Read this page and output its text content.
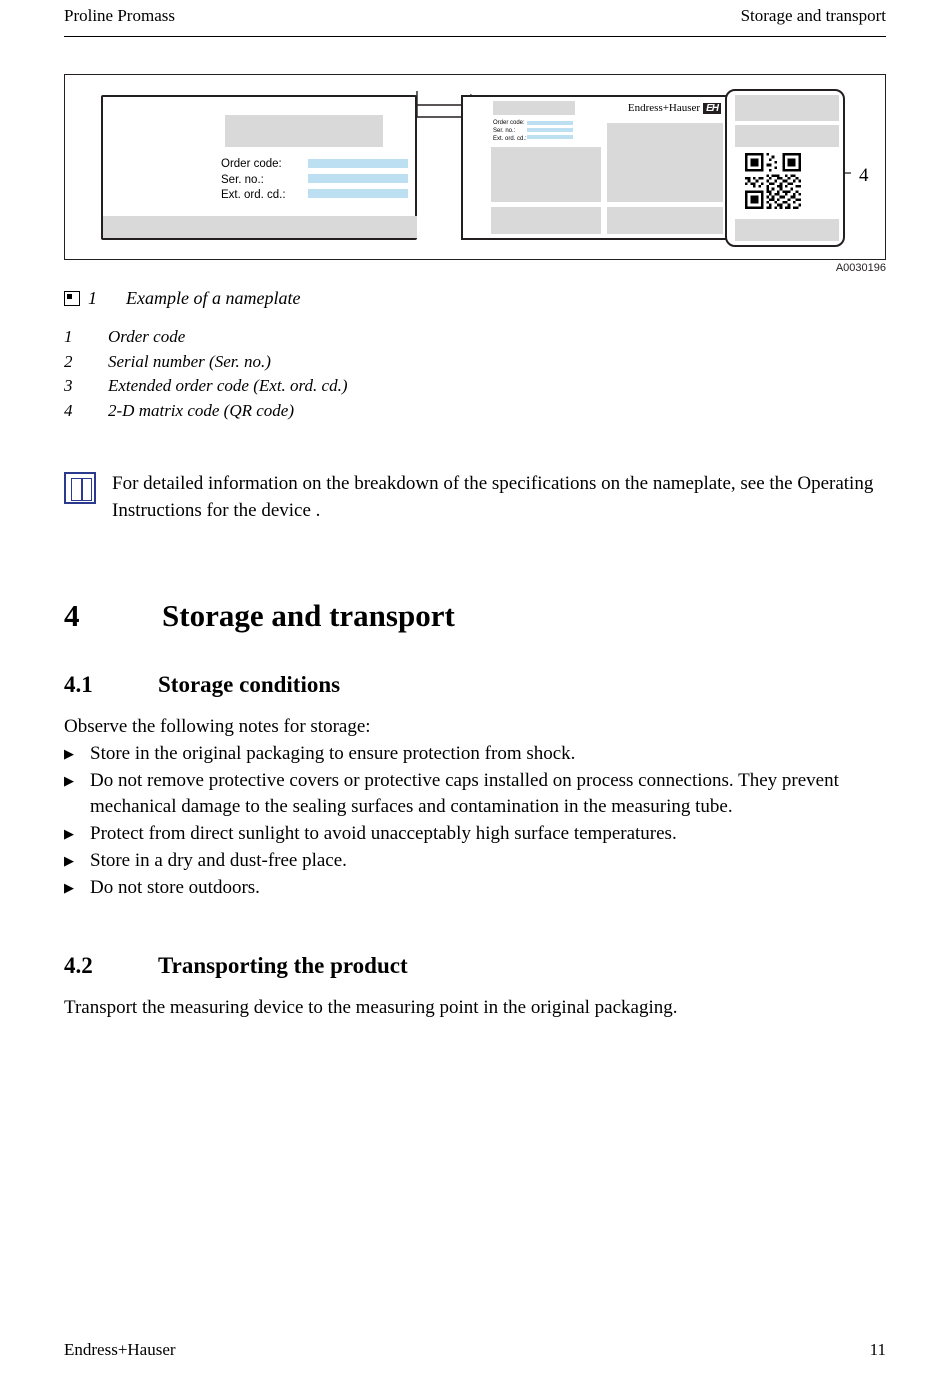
Proline Promass	Storage and transport
4
Order code:
Ser. no.:
Ext. ord. cd.:
Endress+Hauser EH
Order code:
Ser. no.:
Ext. ord. cd.:
A0030196
1	Example of a nameplate
1	Order code
2	Serial number (Ser. no.)
3	Extended order code (Ext. ord. cd.)
4	2-D matrix code (QR code)
For detailed information on the breakdown of the specifications on the nameplate, see the Operating Instructions for the device .
4	Storage and transport
4.1	Storage conditions
Observe the following notes for storage:
▶ Store in the original packaging to ensure protection from shock.
▶ Do not remove protective covers or protective caps installed on process connections. They prevent mechanical damage to the sealing surfaces and contamination in the measuring tube.
▶ Protect from direct sunlight to avoid unacceptably high surface temperatures.
▶ Store in a dry and dust-free place.
▶ Do not store outdoors.
4.2	Transporting the product
Transport the measuring device to the measuring point in the original packaging.
Endress+Hauser	11
